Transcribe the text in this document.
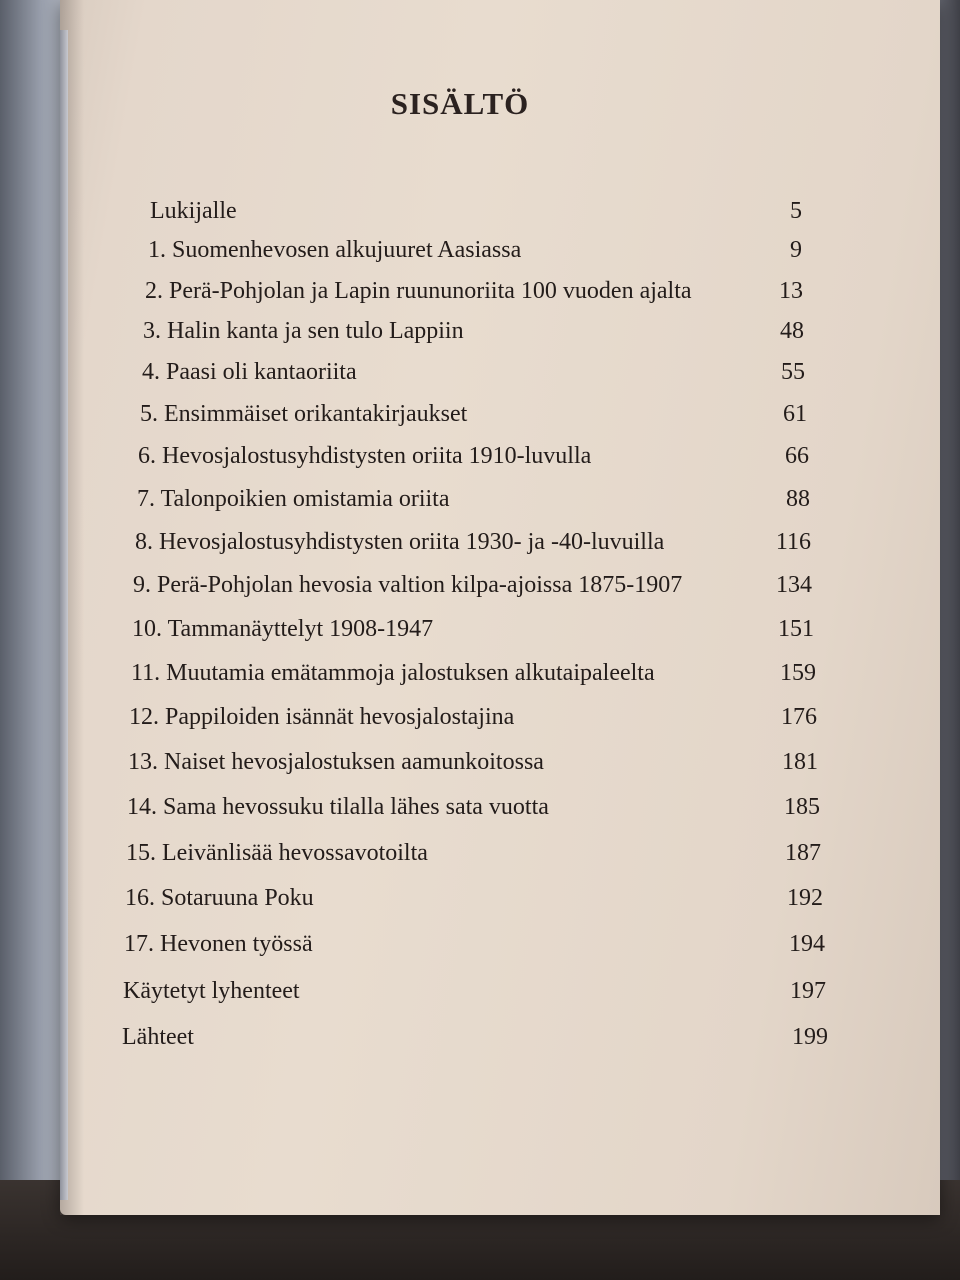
SISÄLTÖ
Lukijalle	5
1. Suomenhevosen alkujuuret Aasiassa	9
2. Perä-Pohjolan ja Lapin ruununoriita 100 vuoden ajalta	13
3. Halin kanta ja sen tulo Lappiin	48
4. Paasi oli kantaoriita	55
5. Ensimmäiset orikantakirjaukset	61
6. Hevosjalostusyhdistysten oriita 1910-luvulla	66
7. Talonpoikien omistamia oriita	88
8. Hevosjalostusyhdistysten oriita 1930- ja -40-luvuilla	116
9. Perä-Pohjolan hevosia valtion kilpa-ajoissa 1875-1907	134
10. Tammanäyttelyt 1908-1947	151
11. Muutamia emätammoja jalostuksen alkutaipaleelta	159
12. Pappiloiden isännät hevosjalostajina	176
13. Naiset hevosjalostuksen aamunkoitossa	181
14. Sama hevossuku tilalla lähes sata vuotta	185
15. Leivänlisää hevossavotoilta	187
16. Sotaruuna Poku	192
17. Hevonen työssä	194
Käytetyt lyhenteet	197
Lähteet	199
